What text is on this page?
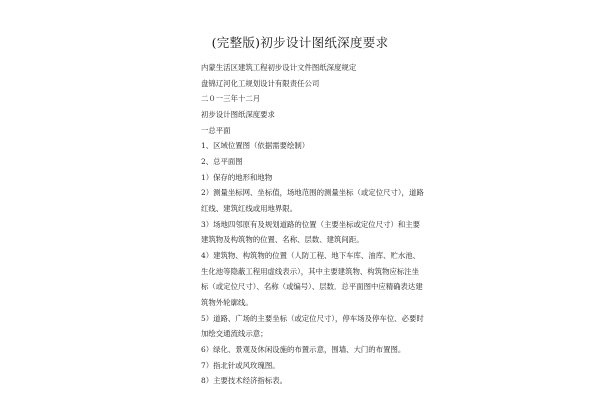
(完整版)初步设计图纸深度要求
内蒙生活区建筑工程初步设计文件图纸深度规定
盘锦辽河化工规划设计有限责任公司
二０一三年十二月
初步设计图纸深度要求
一总平面
1、区域位置图（依据需要绘制）
2、总平面图
1）保存的地形和地物
2）测量坐标网、坐标值，场地范围的测量坐标（或定位尺寸），道路
红线、建筑红线或用地界限。
3）场地四邻原有及规划道路的位置（主要坐标或定位尺寸）和主要
建筑物及构筑物的位置、名称、层数、建筑间距。
4）建筑物、构筑物的位置（人防工程、地下车库、油库、贮水池、
生化池等隐蔽工程用虚线表示），其中主要建筑物、构筑物应标注坐
标（或定位尺寸）、名称（或编号）、层数．总平面图中应精确表达建
筑物外轮廓线。
5）道路、广场的主要坐标（或定位尺寸），停车场及停车位、必要时
加绘交通流线示意；
6）绿化、景观及休闲设施的布置示意，围墙、大门的布置图。
7）指北针或风玫瑰图。
8）主要技术经济指标表。
